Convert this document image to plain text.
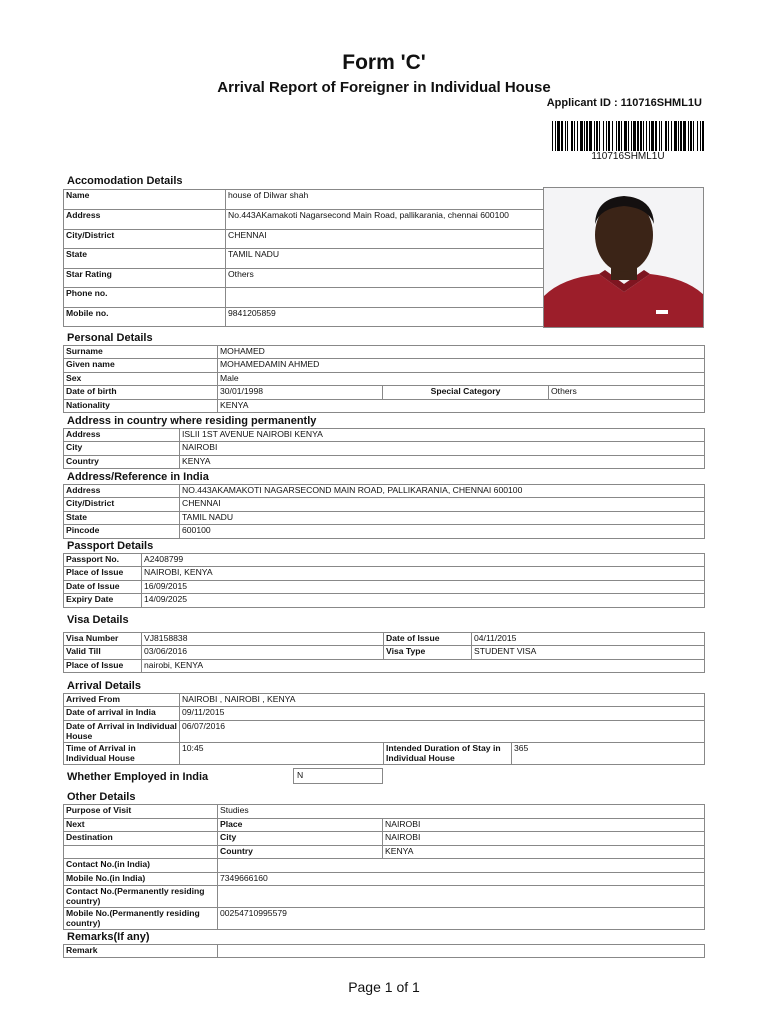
Form 'C'
Arrival Report of Foreigner in Individual House
Applicant ID : 110716SHML1U
110716SHML1U
Accomodation Details
Name	house of Dilwar shah
Address	No.443AKamakoti Nagarsecond Main Road, pallikarania, chennai 600100
City/District	CHENNAI
State	TAMIL NADU
Star Rating	Others
Phone no.	
Mobile no.	9841205859
Personal Details
Surname	MOHAMED		
Given name	MOHAMEDAMIN AHMED		
Sex	Male		
Date of birth	30/01/1998	Special Category	Others
Nationality	KENYA		
Address in country where residing permanently
Address	ISLII 1ST AVENUE NAIROBI KENYA
City	NAIROBI
Country	KENYA
Address/Reference in India
Address	NO.443AKAMAKOTI NAGARSECOND MAIN ROAD, PALLIKARANIA, CHENNAI 600100
City/District	CHENNAI
State	TAMIL NADU
Pincode	600100
Passport Details
Passport No.	A2408799
Place of Issue	NAIROBI, KENYA
Date of Issue	16/09/2015
Expiry Date	14/09/2025
Visa Details
Visa Number	VJ8158838	Date of Issue	04/11/2015
Valid Till	03/06/2016	Visa Type	STUDENT VISA
Place of Issue	nairobi, KENYA		
Arrival Details
Arrived From	NAIROBI , NAIROBI , KENYA		
Date of arrival in India	09/11/2015		
Date of Arrival in Individual House	06/07/2016		
Time of Arrival in Individual House	10:45	Intended Duration of Stay in Individual House	365
Whether Employed in India	N
Other Details
Purpose of Visit	Studies	
Next	Place	NAIROBI
Destination	City	NAIROBI
	Country	KENYA
Contact No.(in India)		
Mobile No.(in India)	7349666160	
Contact No.(Permanently residing country)		
Mobile No.(Permanently residing country)	00254710995579	
Remarks(If any)
Remark	
Page 1 of 1
